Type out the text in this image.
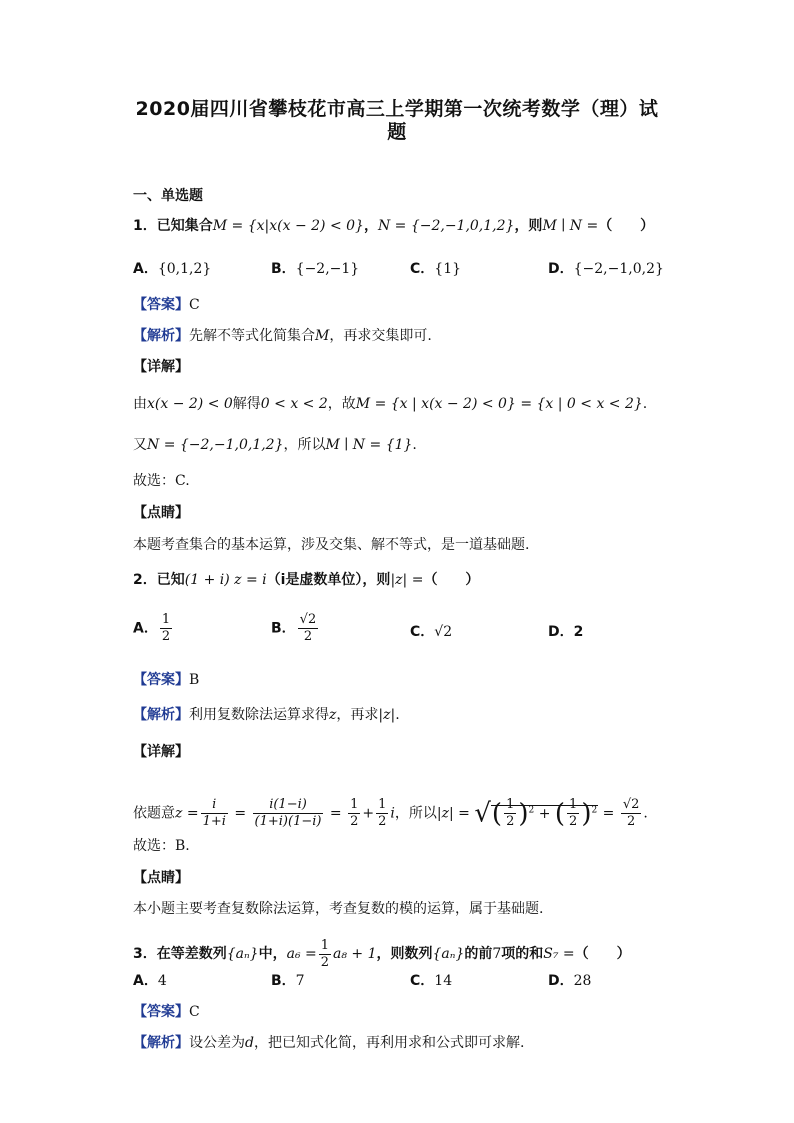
2020届四川省攀枝花市高三上学期第一次统考数学（理）试
题
一、单选题
1．已知集合M = {x|x(x − 2) < 0}，N = {−2,−1,0,1,2}，则M ∣ N =（　　）
A．{0,1,2}	B．{−2,−1}	C．{1}	D．{−2,−1,0,2}
【答案】C
【解析】先解不等式化简集合M，再求交集即可.
【详解】
由x(x − 2) < 0解得0 < x < 2，故M = {x | x(x − 2) < 0} = {x | 0 < x < 2}.
又N = {−2,−1,0,1,2}，所以M ∣ N = {1}.
故选：C.
【点睛】
本题考查集合的基本运算，涉及交集、解不等式，是一道基础题.
2．已知(1 + i) z = i（i是虚数单位），则|z| =（　　）
A． $\frac{1}{2}$	B． $\frac{√2}{2}$	C．√2	D．2
【答案】B
【解析】利用复数除法运算求得z，再求|z|.
【详解】
依题意$z = \frac{i}{1+i} = \frac{i(1-i)}{(1+i)(1-i)} = \frac{1}{2} + \frac{1}{2}$ i，所以|z| = √( $\frac{1}{2} )^2$ + ( $\frac{1}{2} )^2 = \frac{√2}{2}$ .
故选：B.
【点睛】
本小题主要考查复数除法运算，考查复数的模的运算，属于基础题.
3．在等差数列{aₙ}中，$a_6 = \frac{1}{2} a_8 + 1$，则数列{aₙ}的前7项的和S₇ =（　　）
A．4	B．7	C．14	D．28
【答案】C
【解析】设公差为d，把已知式化简，再利用求和公式即可求解.
